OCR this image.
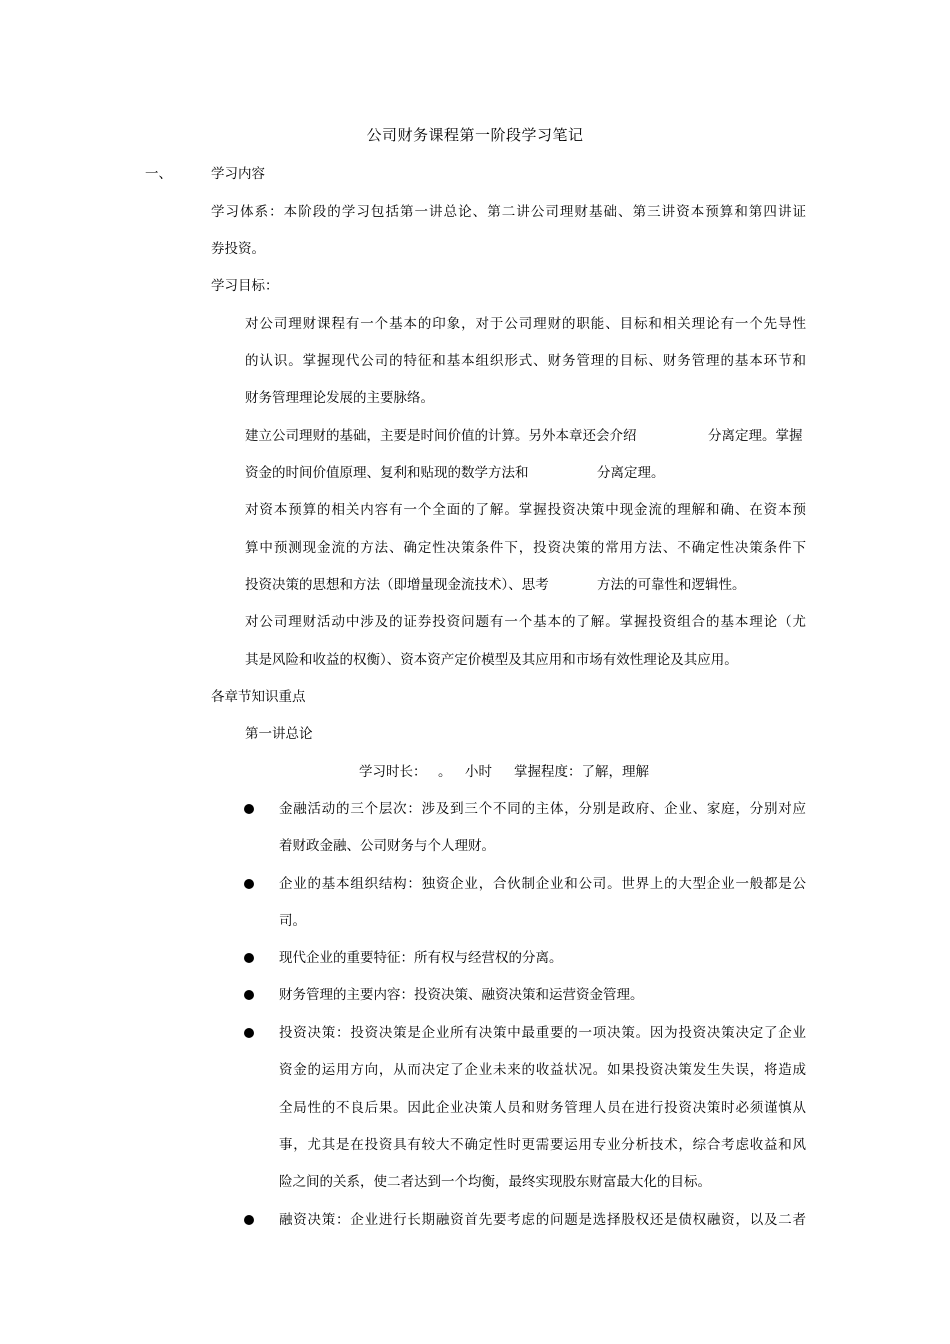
公司财务课程第一阶段学习笔记
一、	学习内容
学习体系：本阶段的学习包括第一讲总论、第二讲公司理财基础、第三讲资本预算和第四讲证
券投资。
学习目标：
对公司理财课程有一个基本的印象，对于公司理财的职能、目标和相关理论有一个先导性
的认识。掌握现代公司的特征和基本组织形式、财务管理的目标、财务管理的基本环节和
财务管理理论发展的主要脉络。
建立公司理财的基础，主要是时间价值的计算。另外本章还会介绍	分离定理。掌握
资金的时间价值原理、复利和贴现的数学方法和	分离定理。
对资本预算的相关内容有一个全面的了解。掌握投资决策中现金流的理解和确、在资本预
算中预测现金流的方法、确定性决策条件下，投资决策的常用方法、不确定性决策条件下
投资决策的思想和方法（即增量现金流技术）、思考	方法的可靠性和逻辑性。
对公司理财活动中涉及的证券投资问题有一个基本的了解。掌握投资组合的基本理论（尤
其是风险和收益的权衡）、资本资产定价模型及其应用和市场有效性理论及其应用。
各章节知识重点
第一讲总论
学习时长： 。 小时 掌握程度：了解，理解
金融活动的三个层次：涉及到三个不同的主体，分别是政府、企业、家庭，分别对应
着财政金融、公司财务与个人理财。
企业的基本组织结构：独资企业，合伙制企业和公司。世界上的大型企业一般都是公
司。
现代企业的重要特征：所有权与经营权的分离。
财务管理的主要内容：投资决策、融资决策和运营资金管理。
投资决策：投资决策是企业所有决策中最重要的一项决策。因为投资决策决定了企业
资金的运用方向，从而决定了企业未来的收益状况。如果投资决策发生失误，将造成
全局性的不良后果。因此企业决策人员和财务管理人员在进行投资决策时必须谨慎从
事，尤其是在投资具有较大不确定性时更需要运用专业分析技术，综合考虑收益和风
险之间的关系，使二者达到一个均衡，最终实现股东财富最大化的目标。
融资决策：企业进行长期融资首先要考虑的问题是选择股权还是债权融资，以及二者
